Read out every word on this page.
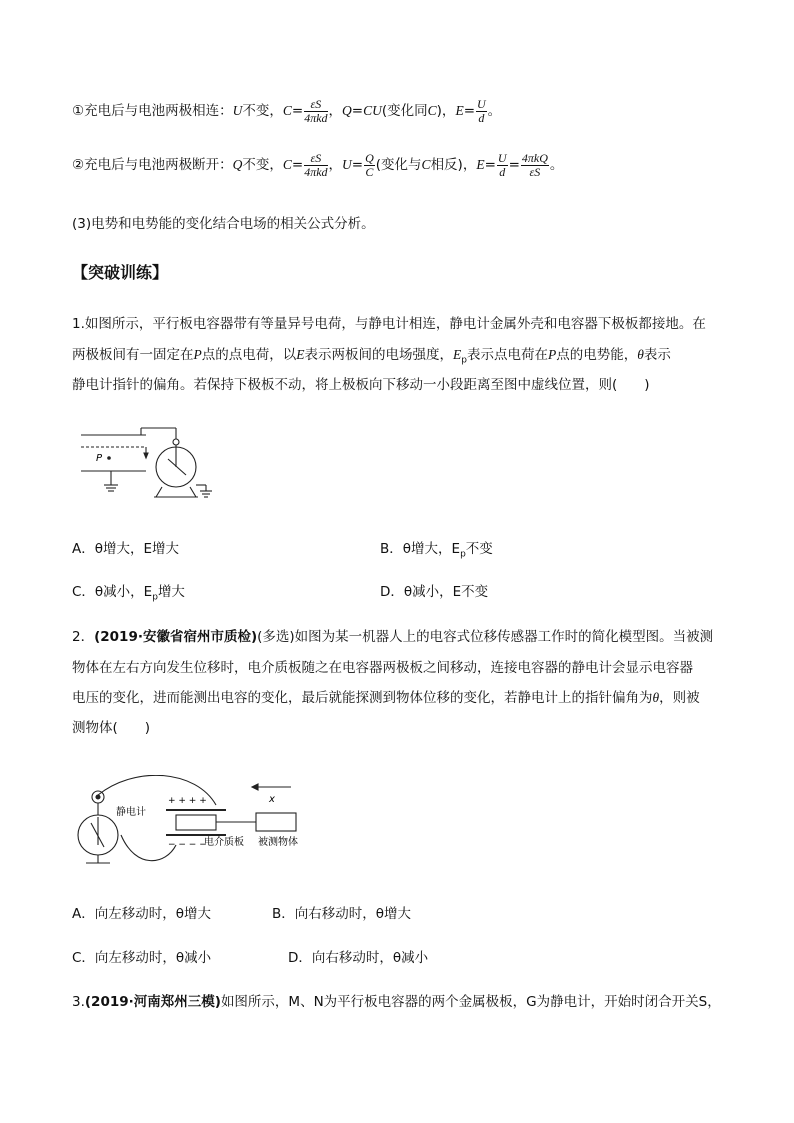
①充电后与电池两极相连：U不变，$C= \frac{\varepsilon S}{\text{4πkd}}$ ，Q=CU(变化同C)，$E= \frac{U}{d}$ 。
②充电后与电池两极断开：Q不变，$C= \frac{\varepsilon S}{\text{4πkd}}$ ，$U= \frac{Q}{C}$ (变化与C相反)，$E= \frac{U}{d} = \frac{\text{4πkQ}}{\varepsilon S}$ 。
(3)电势和电势能的变化结合电场的相关公式分析。
【突破训练】
1.如图所示，平行板电容器带有等量异号电荷，与静电计相连，静电计金属外壳和电容器下极板都接地。在
两极板间有一固定在P点的点电荷，以E表示两板间的电场强度，$E_p$表示点电荷在P点的电势能，θ表示
静电计指针的偏角。若保持下极板不动，将上极板向下移动一小段距离至图中虚线位置，则(　　)
P
A．θ增大，E增大	B．θ增大，$E_p$不变
C．θ减小，$E_p$增大	D．θ减小，E不变
2．(2019·安徽省宿州市质检)(多选)如图为某一机器人上的电容式位移传感器工作时的简化模型图。当被测
物体在左右方向发生位移时，电介质板随之在电容器两极板之间移动，连接电容器的静电计会显示电容器
电压的变化，进而能测出电容的变化，最后就能探测到物体位移的变化，若静电计上的指针偏角为θ，则被
测物体(　　)
+ + + +
− − − −
静电计
电介质板 被测物体
x
A．向左移动时，θ增大	B．向右移动时，θ增大
C．向左移动时，θ减小	D．向右移动时，θ减小
3.(2019·河南郑州三模)如图所示，M、N为平行板电容器的两个金属极板，G为静电计，开始时闭合开关S，
